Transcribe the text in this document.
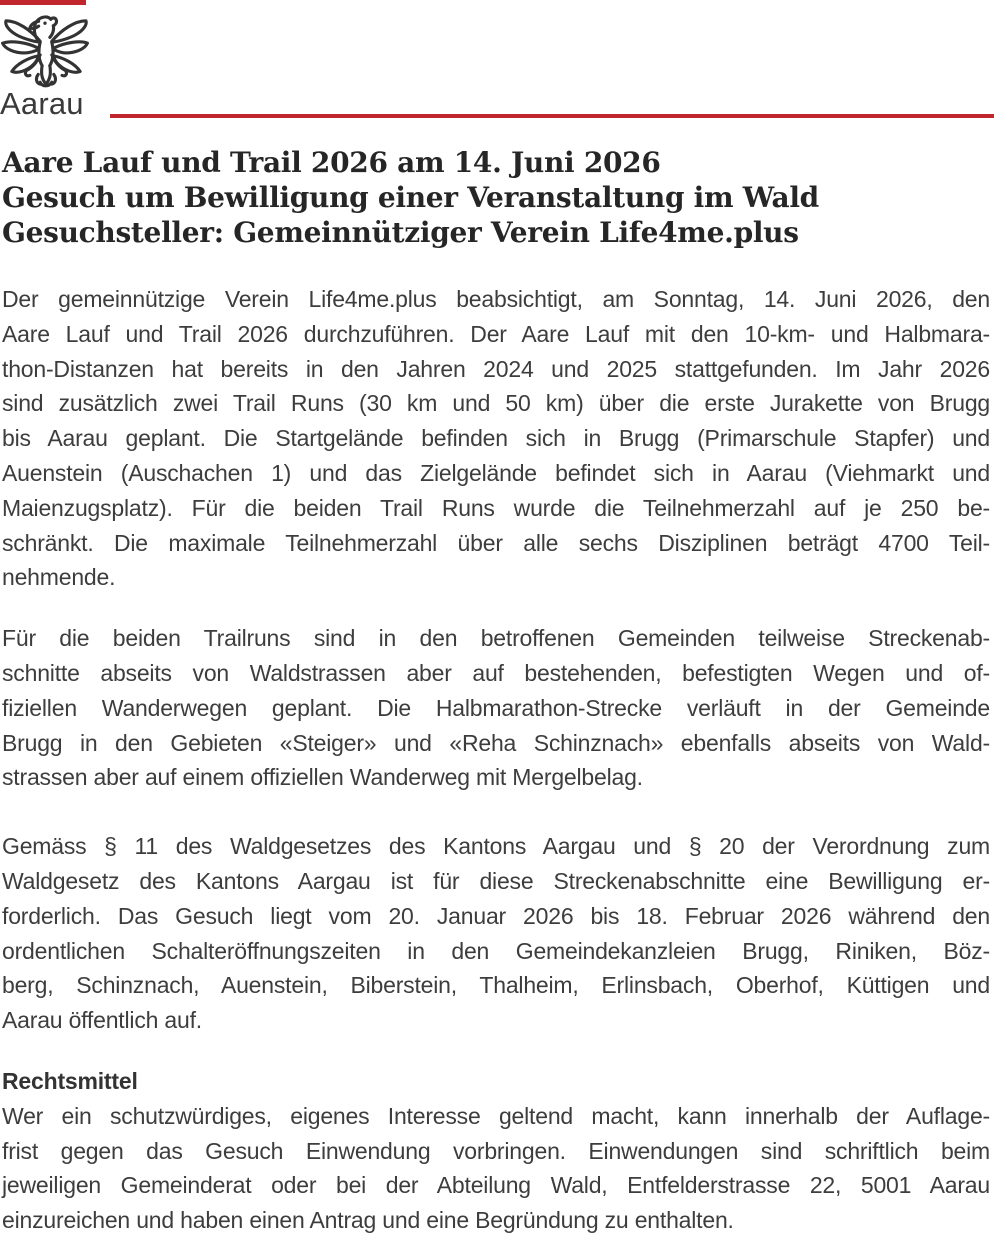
Aarau
Aare Lauf und Trail 2026 am 14. Juni 2026
Gesuch um Bewilligung einer Veranstaltung im Wald
Gesuchsteller: Gemeinnütziger Verein Life4me.plus
Der gemeinnützige Verein Life4me.plus beabsichtigt, am Sonntag, 14. Juni 2026, den
Aare Lauf und Trail 2026 durchzuführen. Der Aare Lauf mit den 10-km- und Halbmara-
thon-Distanzen hat bereits in den Jahren 2024 und 2025 stattgefunden. Im Jahr 2026
sind zusätzlich zwei Trail Runs (30 km und 50 km) über die erste Jurakette von Brugg
bis Aarau geplant. Die Startgelände befinden sich in Brugg (Primarschule Stapfer) und
Auenstein (Auschachen 1) und das Zielgelände befindet sich in Aarau (Viehmarkt und
Maienzugsplatz). Für die beiden Trail Runs wurde die Teilnehmerzahl auf je 250 be-
schränkt. Die maximale Teilnehmerzahl über alle sechs Disziplinen beträgt 4700 Teil-
nehmende.
Für die beiden Trailruns sind in den betroffenen Gemeinden teilweise Streckenab-
schnitte abseits von Waldstrassen aber auf bestehenden, befestigten Wegen und of-
fiziellen Wanderwegen geplant. Die Halbmarathon-Strecke verläuft in der Gemeinde
Brugg in den Gebieten «Steiger» und «Reha Schinznach» ebenfalls abseits von Wald-
strassen aber auf einem offiziellen Wanderweg mit Mergelbelag.
Gemäss § 11 des Waldgesetzes des Kantons Aargau und § 20 der Verordnung zum
Waldgesetz des Kantons Aargau ist für diese Streckenabschnitte eine Bewilligung er-
forderlich. Das Gesuch liegt vom 20. Januar 2026 bis 18. Februar 2026 während den
ordentlichen Schalteröffnungszeiten in den Gemeindekanzleien Brugg, Riniken, Böz-
berg, Schinznach, Auenstein, Biberstein, Thalheim, Erlinsbach, Oberhof, Küttigen und
Aarau öffentlich auf.
Rechtsmittel
Wer ein schutzwürdiges, eigenes Interesse geltend macht, kann innerhalb der Auflage-
frist gegen das Gesuch Einwendung vorbringen. Einwendungen sind schriftlich beim
jeweiligen Gemeinderat oder bei der Abteilung Wald, Entfelderstrasse 22, 5001 Aarau
einzureichen und haben einen Antrag und eine Begründung zu enthalten.
